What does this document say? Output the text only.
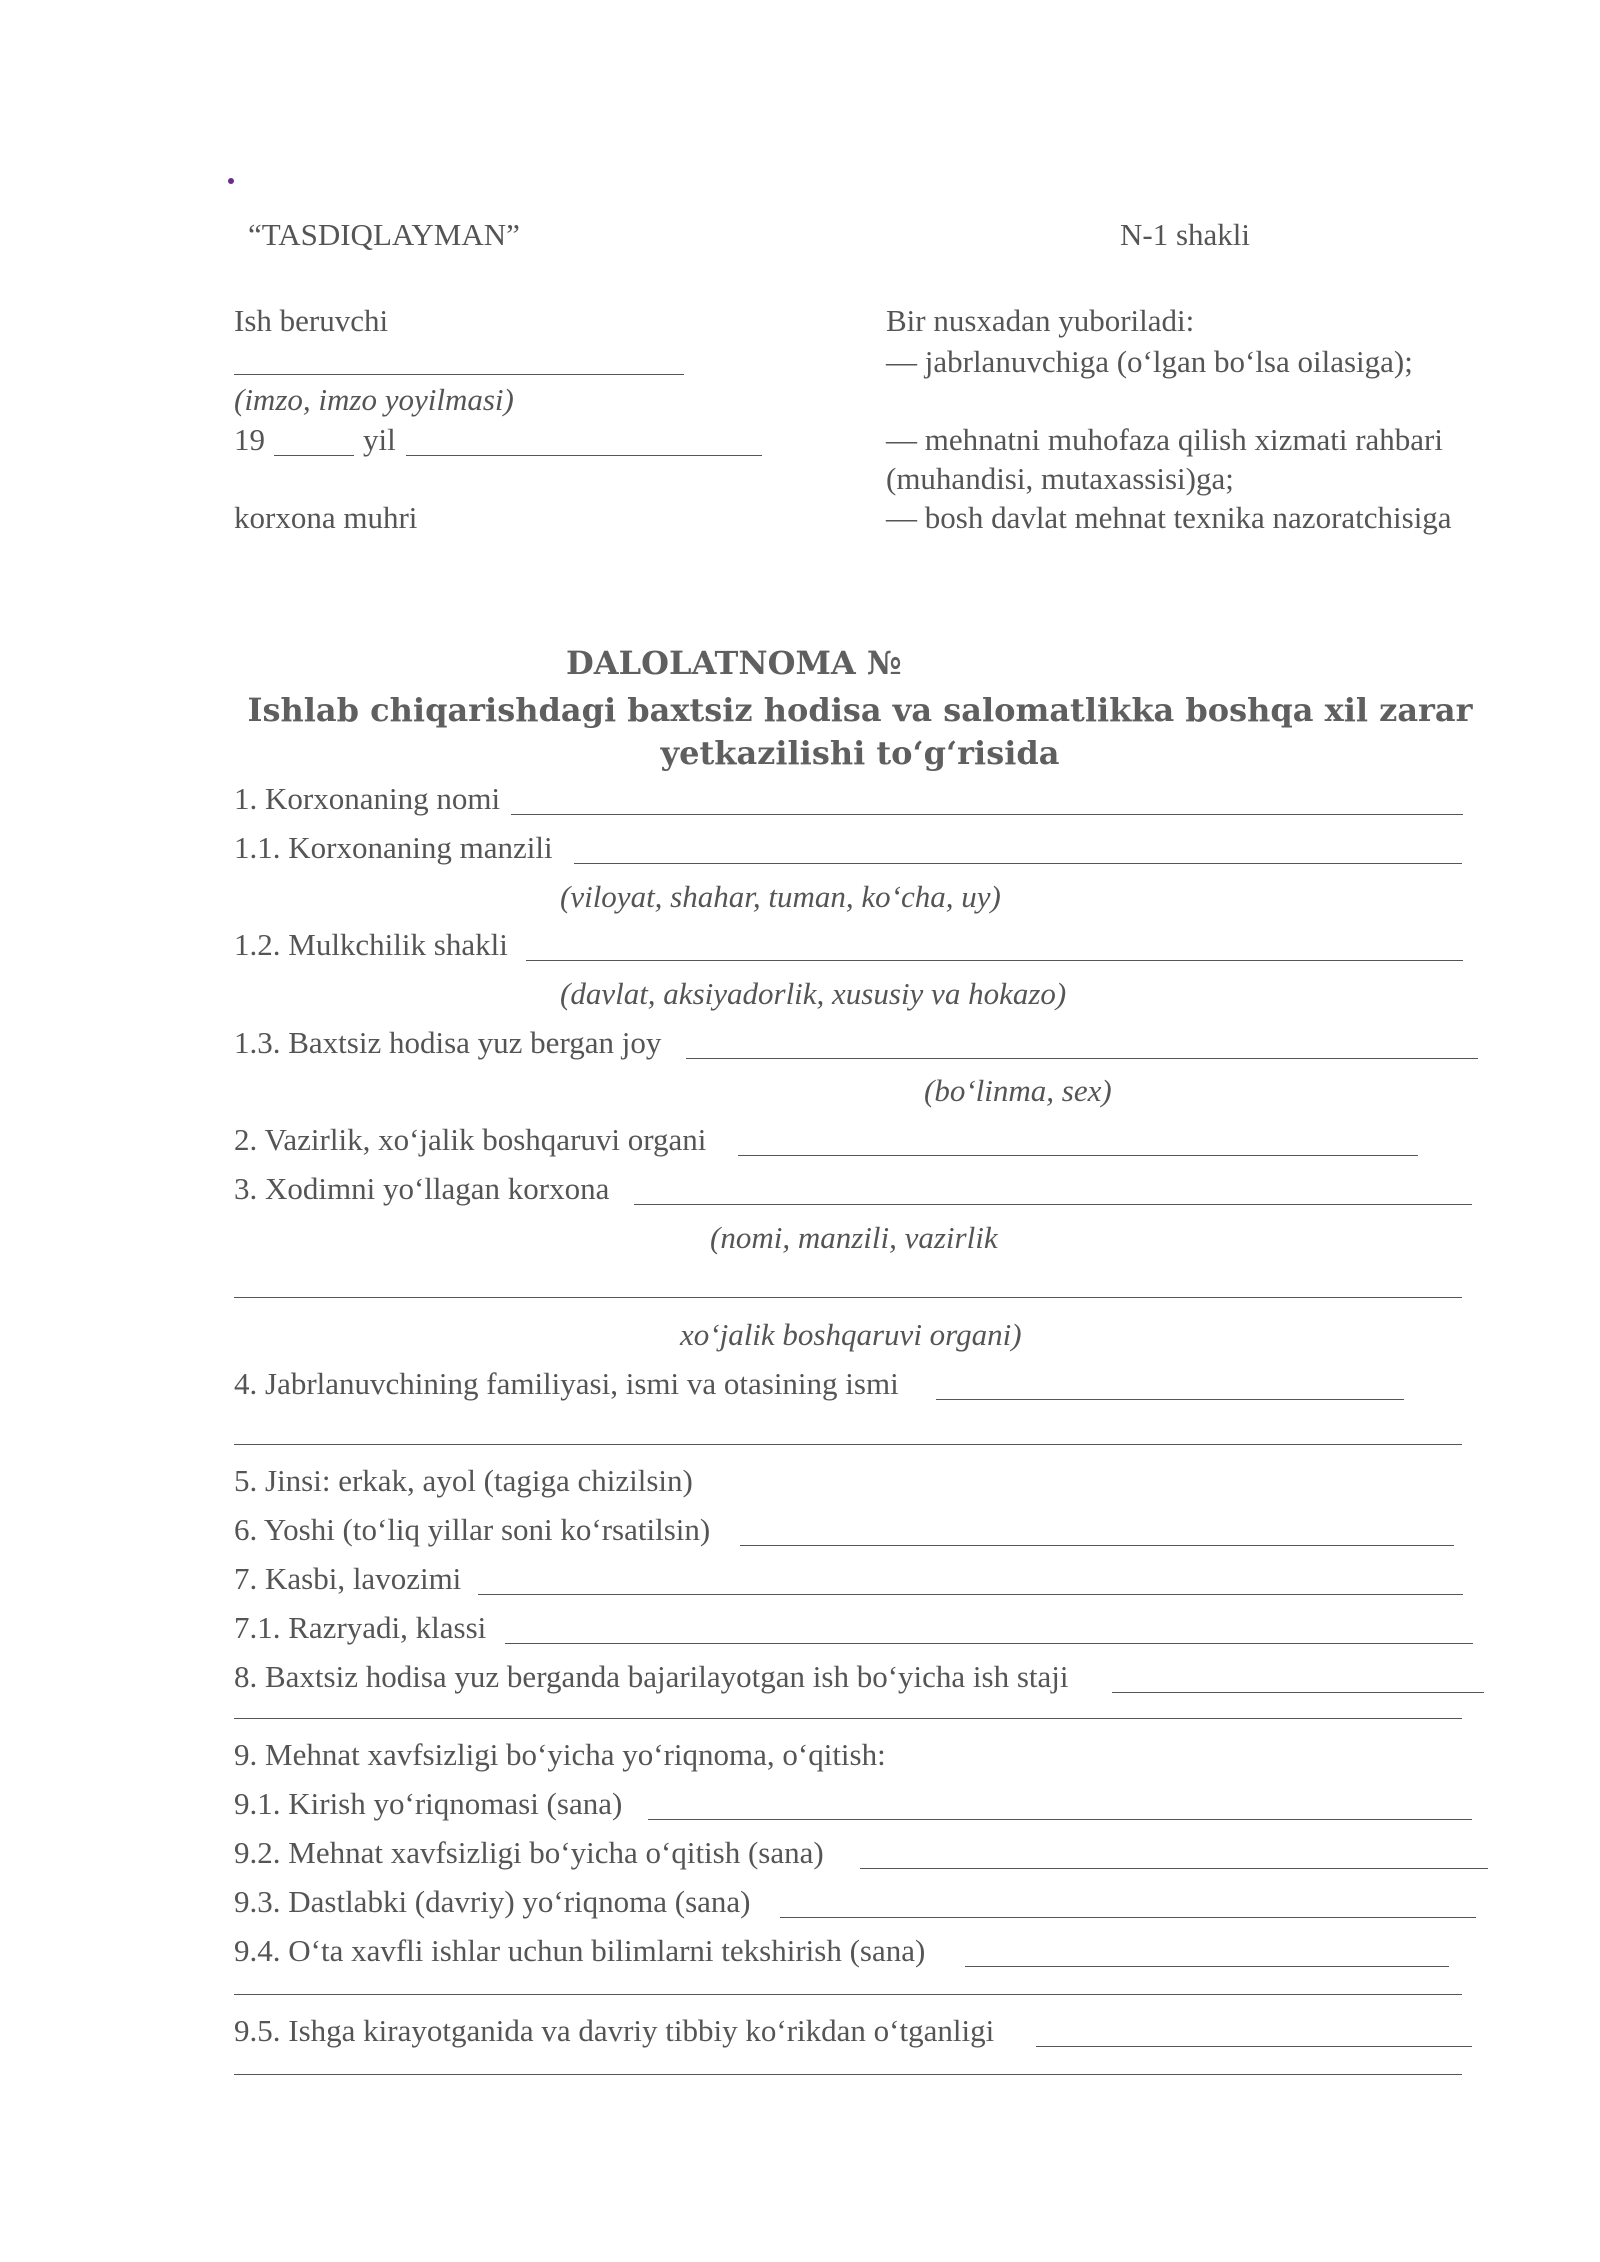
“TASDIQLAYMAN”
Ish beruvchi
(imzo, imzo yoyilmasi)
19	yil
korxona muhri
N-1 shakli
Bir nusxadan yuboriladi:
— jabrlanuvchiga (oʻlgan boʻlsa oilasiga);
— mehnatni muhofaza qilish xizmati rahbari
(muhandisi, mutaxassisi)ga;
— bosh davlat mehnat texnika nazoratchisiga
DALOLATNOMA №
Ishlab chiqarishdagi baxtsiz hodisa va salomatlikka boshqa xil zarar
yetkazilishi toʻgʻrisida
1. Korxonaning nomi
1.1. Korxonaning manzili
(viloyat, shahar, tuman, koʻcha, uy)
1.2. Mulkchilik shakli
(davlat, aksiyadorlik, xususiy va hokazo)
1.3. Baxtsiz hodisa yuz bergan joy
(boʻlinma, sex)
2. Vazirlik, xoʻjalik boshqaruvi organi
3. Xodimni yoʻllagan korxona
(nomi, manzili, vazirlik
xoʻjalik boshqaruvi organi)
4. Jabrlanuvchining familiyasi, ismi va otasining ismi
5. Jinsi: erkak, ayol (tagiga chizilsin)
6. Yoshi (toʻliq yillar soni koʻrsatilsin)
7. Kasbi, lavozimi
7.1. Razryadi, klassi
8. Baxtsiz hodisa yuz berganda bajarilayotgan ish boʻyicha ish staji
9. Mehnat xavfsizligi boʻyicha yoʻriqnoma, oʻqitish:
9.1. Kirish yoʻriqnomasi (sana)
9.2. Mehnat xavfsizligi boʻyicha oʻqitish (sana)
9.3. Dastlabki (davriy) yoʻriqnoma (sana)
9.4. Oʻta xavfli ishlar uchun bilimlarni tekshirish (sana)
9.5. Ishga kirayotganida va davriy tibbiy koʻrikdan oʻtganligi
